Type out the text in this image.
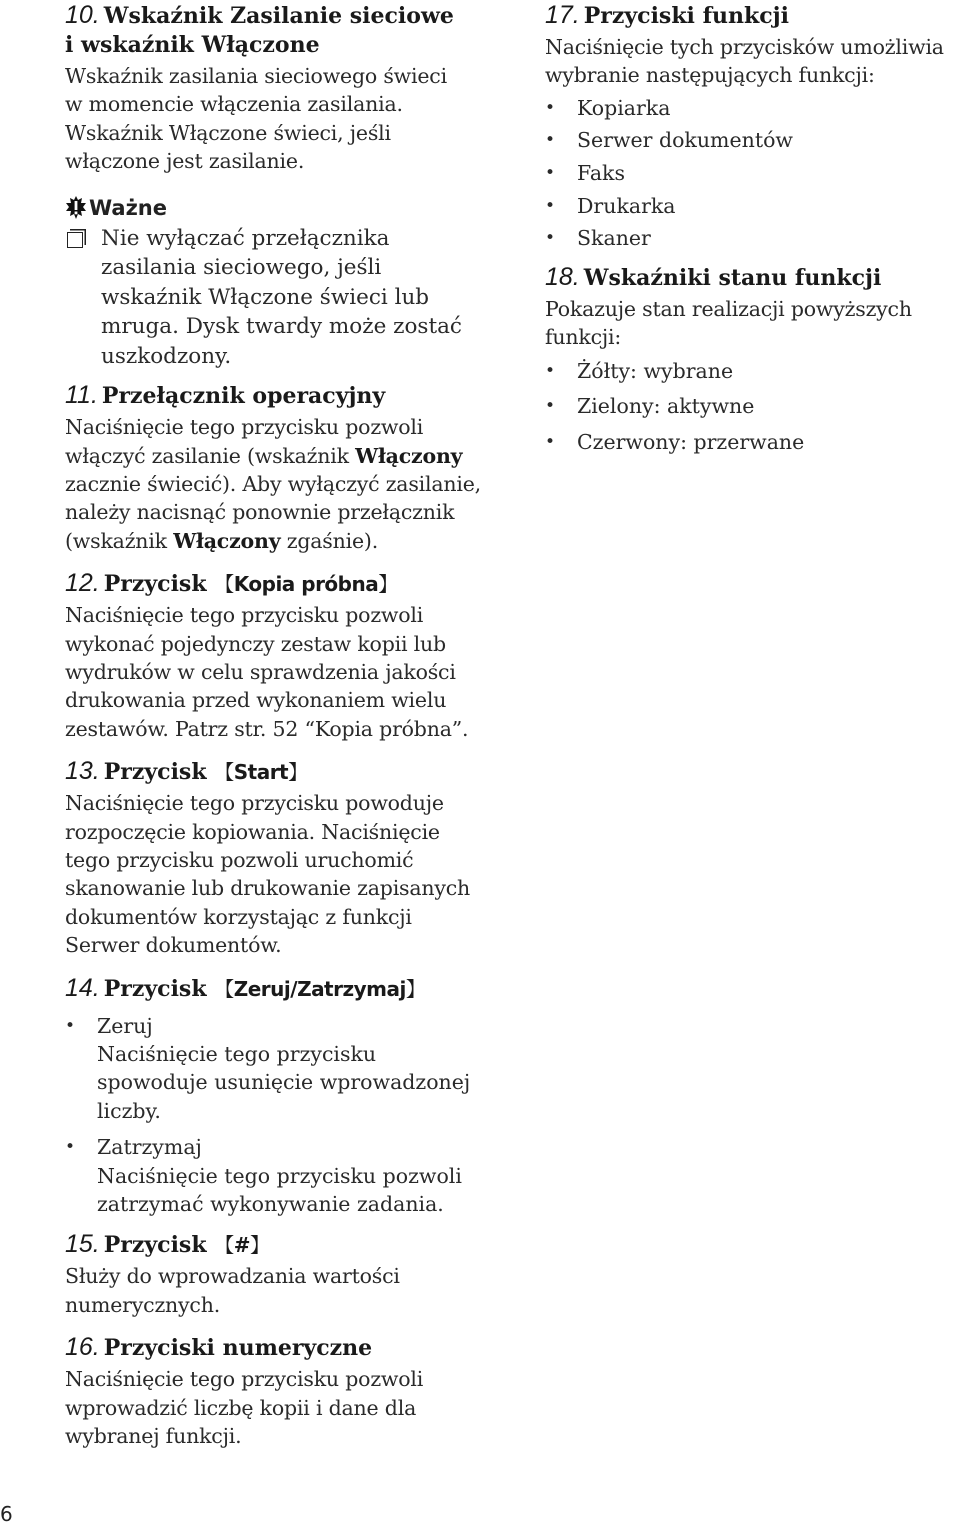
10. Wskaźnik Zasilanie sieciowe
i wskaźnik Włączone

Wskaźnik zasilania sieciowego świeci
w momencie włączenia zasilania.
Wskaźnik Włączone świeci, jeśli
włączone jest zasilanie.

Ważne
Nie wyłączać przełącznika
zasilania sieciowego, jeśli
wskaźnik Włączone świeci lub
mruga. Dysk twardy może zostać
uszkodzony.

11. Przełącznik operacyjny

Naciśnięcie tego przycisku pozwoli
włączyć zasilanie (wskaźnik Włączony
zacznie świecić). Aby wyłączyć zasilanie,
należy nacisnąć ponownie przełącznik
(wskaźnik Włączony zgaśnie).

12. Przycisk 【Kopia próbna】

Naciśnięcie tego przycisku pozwoli
wykonać pojedynczy zestaw kopii lub
wydruków w celu sprawdzenia jakości
drukowania przed wykonaniem wielu
zestawów. Patrz str. 52 “Kopia próbna”.

13. Przycisk 【Start】

Naciśnięcie tego przycisku powoduje
rozpoczęcie kopiowania. Naciśnięcie
tego przycisku pozwoli uruchomić
skanowanie lub drukowanie zapisanych
dokumentów korzystając z funkcji
Serwer dokumentów.

14. Przycisk 【Zeruj/Zatrzymaj】

•	Zeruj
Naciśnięcie tego przycisku
spowoduje usunięcie wprowadzonej
liczby.
•	Zatrzymaj
Naciśnięcie tego przycisku pozwoli
zatrzymać wykonywanie zadania.

15. Przycisk 【#】

Służy do wprowadzania wartości
numerycznych.

16. Przyciski numeryczne

Naciśnięcie tego przycisku pozwoli
wprowadzić liczbę kopii i dane dla
wybranej funkcji.

17. Przyciski funkcji

Naciśnięcie tych przycisków umożliwia
wybranie następujących funkcji:

•	Kopiarka
•	Serwer dokumentów
•	Faks
•	Drukarka
•	Skaner

18. Wskaźniki stanu funkcji

Pokazuje stan realizacji powyższych
funkcji:

•	Żółty: wybrane
•	Zielony: aktywne
•	Czerwony: przerwane
6
